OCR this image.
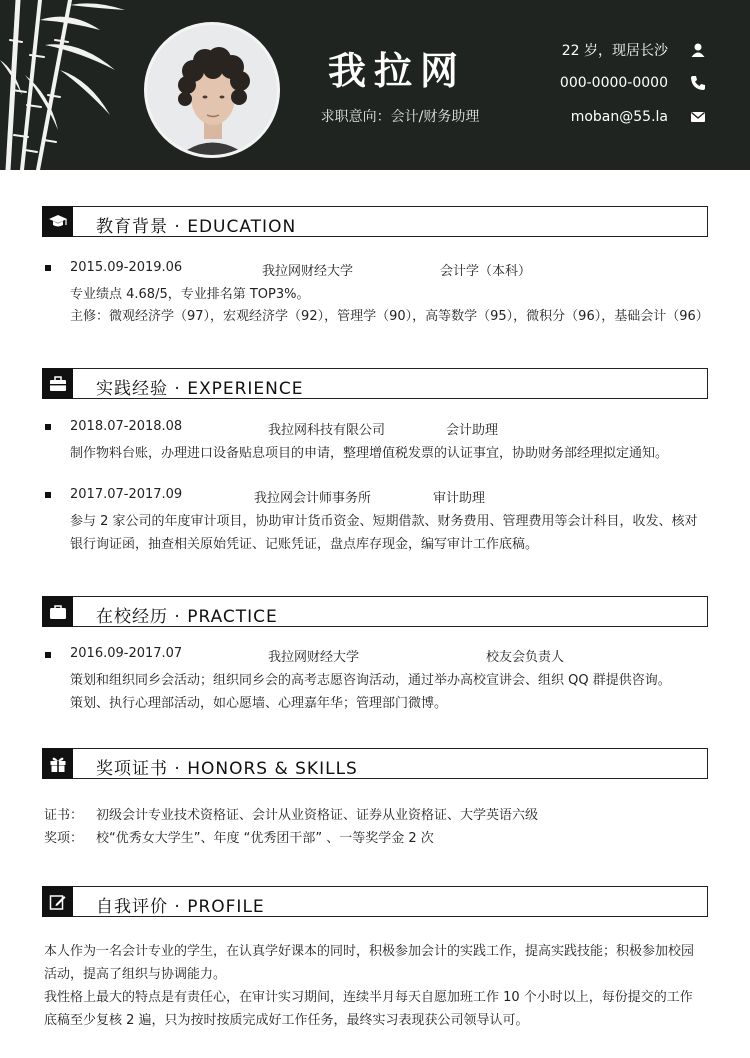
我拉网
求职意向：会计/财务助理
22 岁，现居长沙
000-0000-0000
moban@55.la
教育背景 · EDUCATION
2015.09-2019.06	我拉网财经大学	会计学（本科）
专业绩点 4.68/5，专业排名第 TOP3%。
主修：微观经济学（97），宏观经济学（92），管理学（90），高等数学（95），微积分（96），基础会计（96）
实践经验 · EXPERIENCE
2018.07-2018.08	我拉网科技有限公司	会计助理
制作物料台账，办理进口设备贴息项目的申请，整理增值税发票的认证事宜，协助财务部经理拟定通知。
2017.07-2017.09	我拉网会计师事务所	审计助理
参与 2 家公司的年度审计项目，协助审计货币资金、短期借款、财务费用、管理费用等会计科目，收发、核对
银行询证函，抽查相关原始凭证、记账凭证，盘点库存现金，编写审计工作底稿。
在校经历 · PRACTICE
2016.09-2017.07	我拉网财经大学	校友会负责人
策划和组织同乡会活动；组织同乡会的高考志愿咨询活动，通过举办高校宣讲会、组织 QQ 群提供咨询。
策划、执行心理部活动，如心愿墙、心理嘉年华；管理部门微博。
奖项证书 · HONORS & SKILLS
证书： 初级会计专业技术资格证、会计从业资格证、证券从业资格证、大学英语六级
奖项： 校“优秀女大学生”、年度 “优秀团干部” 、一等奖学金 2 次
自我评价 · PROFILE
本人作为一名会计专业的学生，在认真学好课本的同时，积极参加会计的实践工作，提高实践技能；积极参加校园
活动，提高了组织与协调能力。
我性格上最大的特点是有责任心，在审计实习期间，连续半月每天自愿加班工作 10 个小时以上，每份提交的工作
底稿至少复核 2 遍，只为按时按质完成好工作任务，最终实习表现获公司领导认可。
